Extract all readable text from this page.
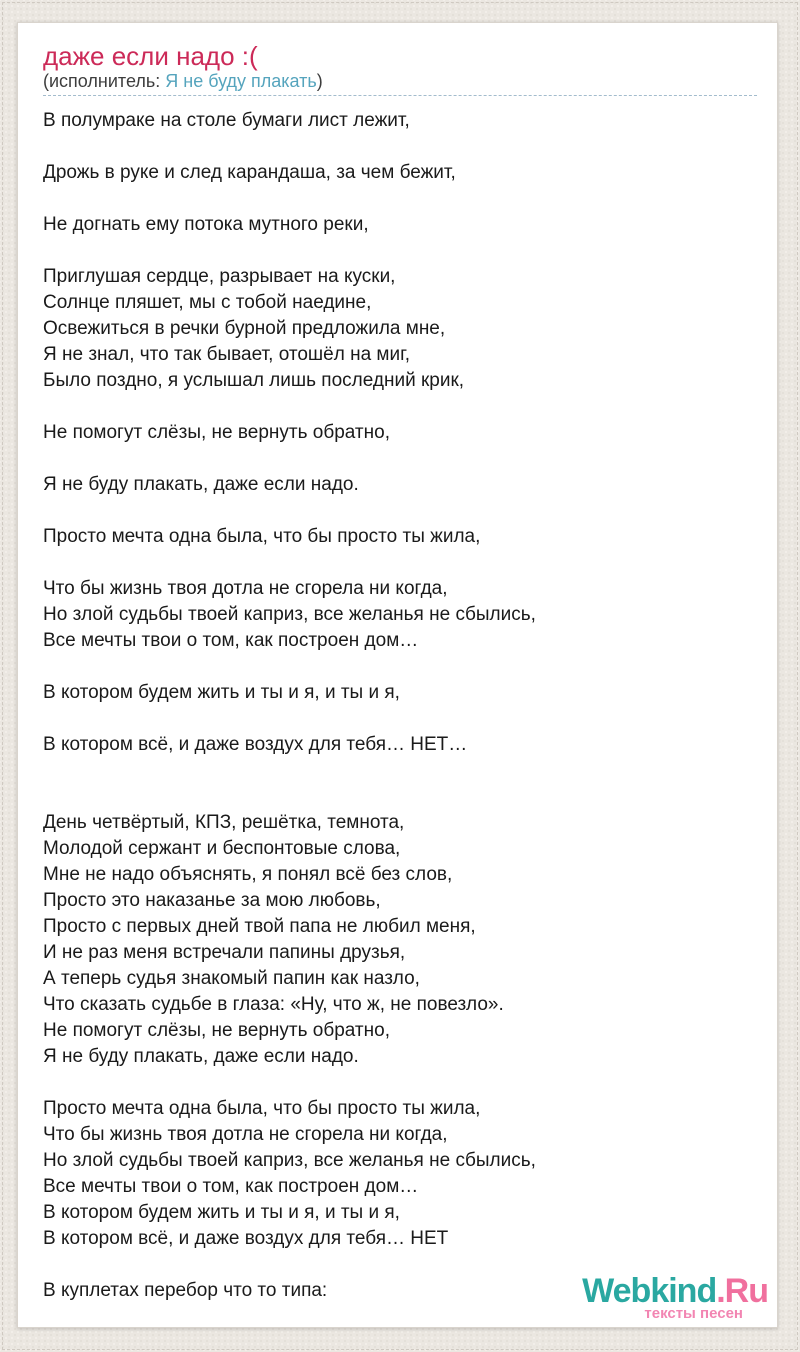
даже если надо :(
(исполнитель: Я не буду плакать)
В полумраке на столе бумаги лист лежит,

Дрожь в руке и след карандаша, за чем бежит,

Не догнать ему потока мутного реки,

Приглушая сердце, разрывает на куски,
Солнце пляшет, мы с тобой наедине,
Освежиться в речки бурной предложила мне,
Я не знал, что так бывает, отошёл на миг,
Было поздно, я услышал лишь последний крик,

Не помогут слёзы, не вернуть обратно,

Я не буду плакать, даже если надо.

Просто мечта одна была, что бы просто ты жила,

Что бы жизнь твоя дотла не сгорела ни когда,
Но злой судьбы твоей каприз, все желанья не сбылись,
Все мечты твои о том, как построен дом…

В котором будем жить и ты и я, и ты и я,

В котором всё, и даже воздух для тебя… НЕТ…

День четвёртый, КПЗ, решётка, темнота,
Молодой сержант и беспонтовые слова,
Мне не надо объяснять, я понял всё без слов,
Просто это наказанье за мою любовь,
Просто с первых дней твой папа не любил меня,
И не раз меня встречали папины друзья,
А теперь судья знакомый папин как назло,
Что сказать судьбе в глаза: «Ну, что ж, не повезло».
Не помогут слёзы, не вернуть обратно,
Я не буду плакать, даже если надо.

Просто мечта одна была, что бы просто ты жила,
Что бы жизнь твоя дотла не сгорела ни когда,
Но злой судьбы твоей каприз, все желанья не сбылись,
Все мечты твои о том, как построен дом…
В котором будем жить и ты и я, и ты и я,
В котором всё, и даже воздух для тебя… НЕТ

В куплетах перебор что то типа:	Webkind.Ru
тексты песен
